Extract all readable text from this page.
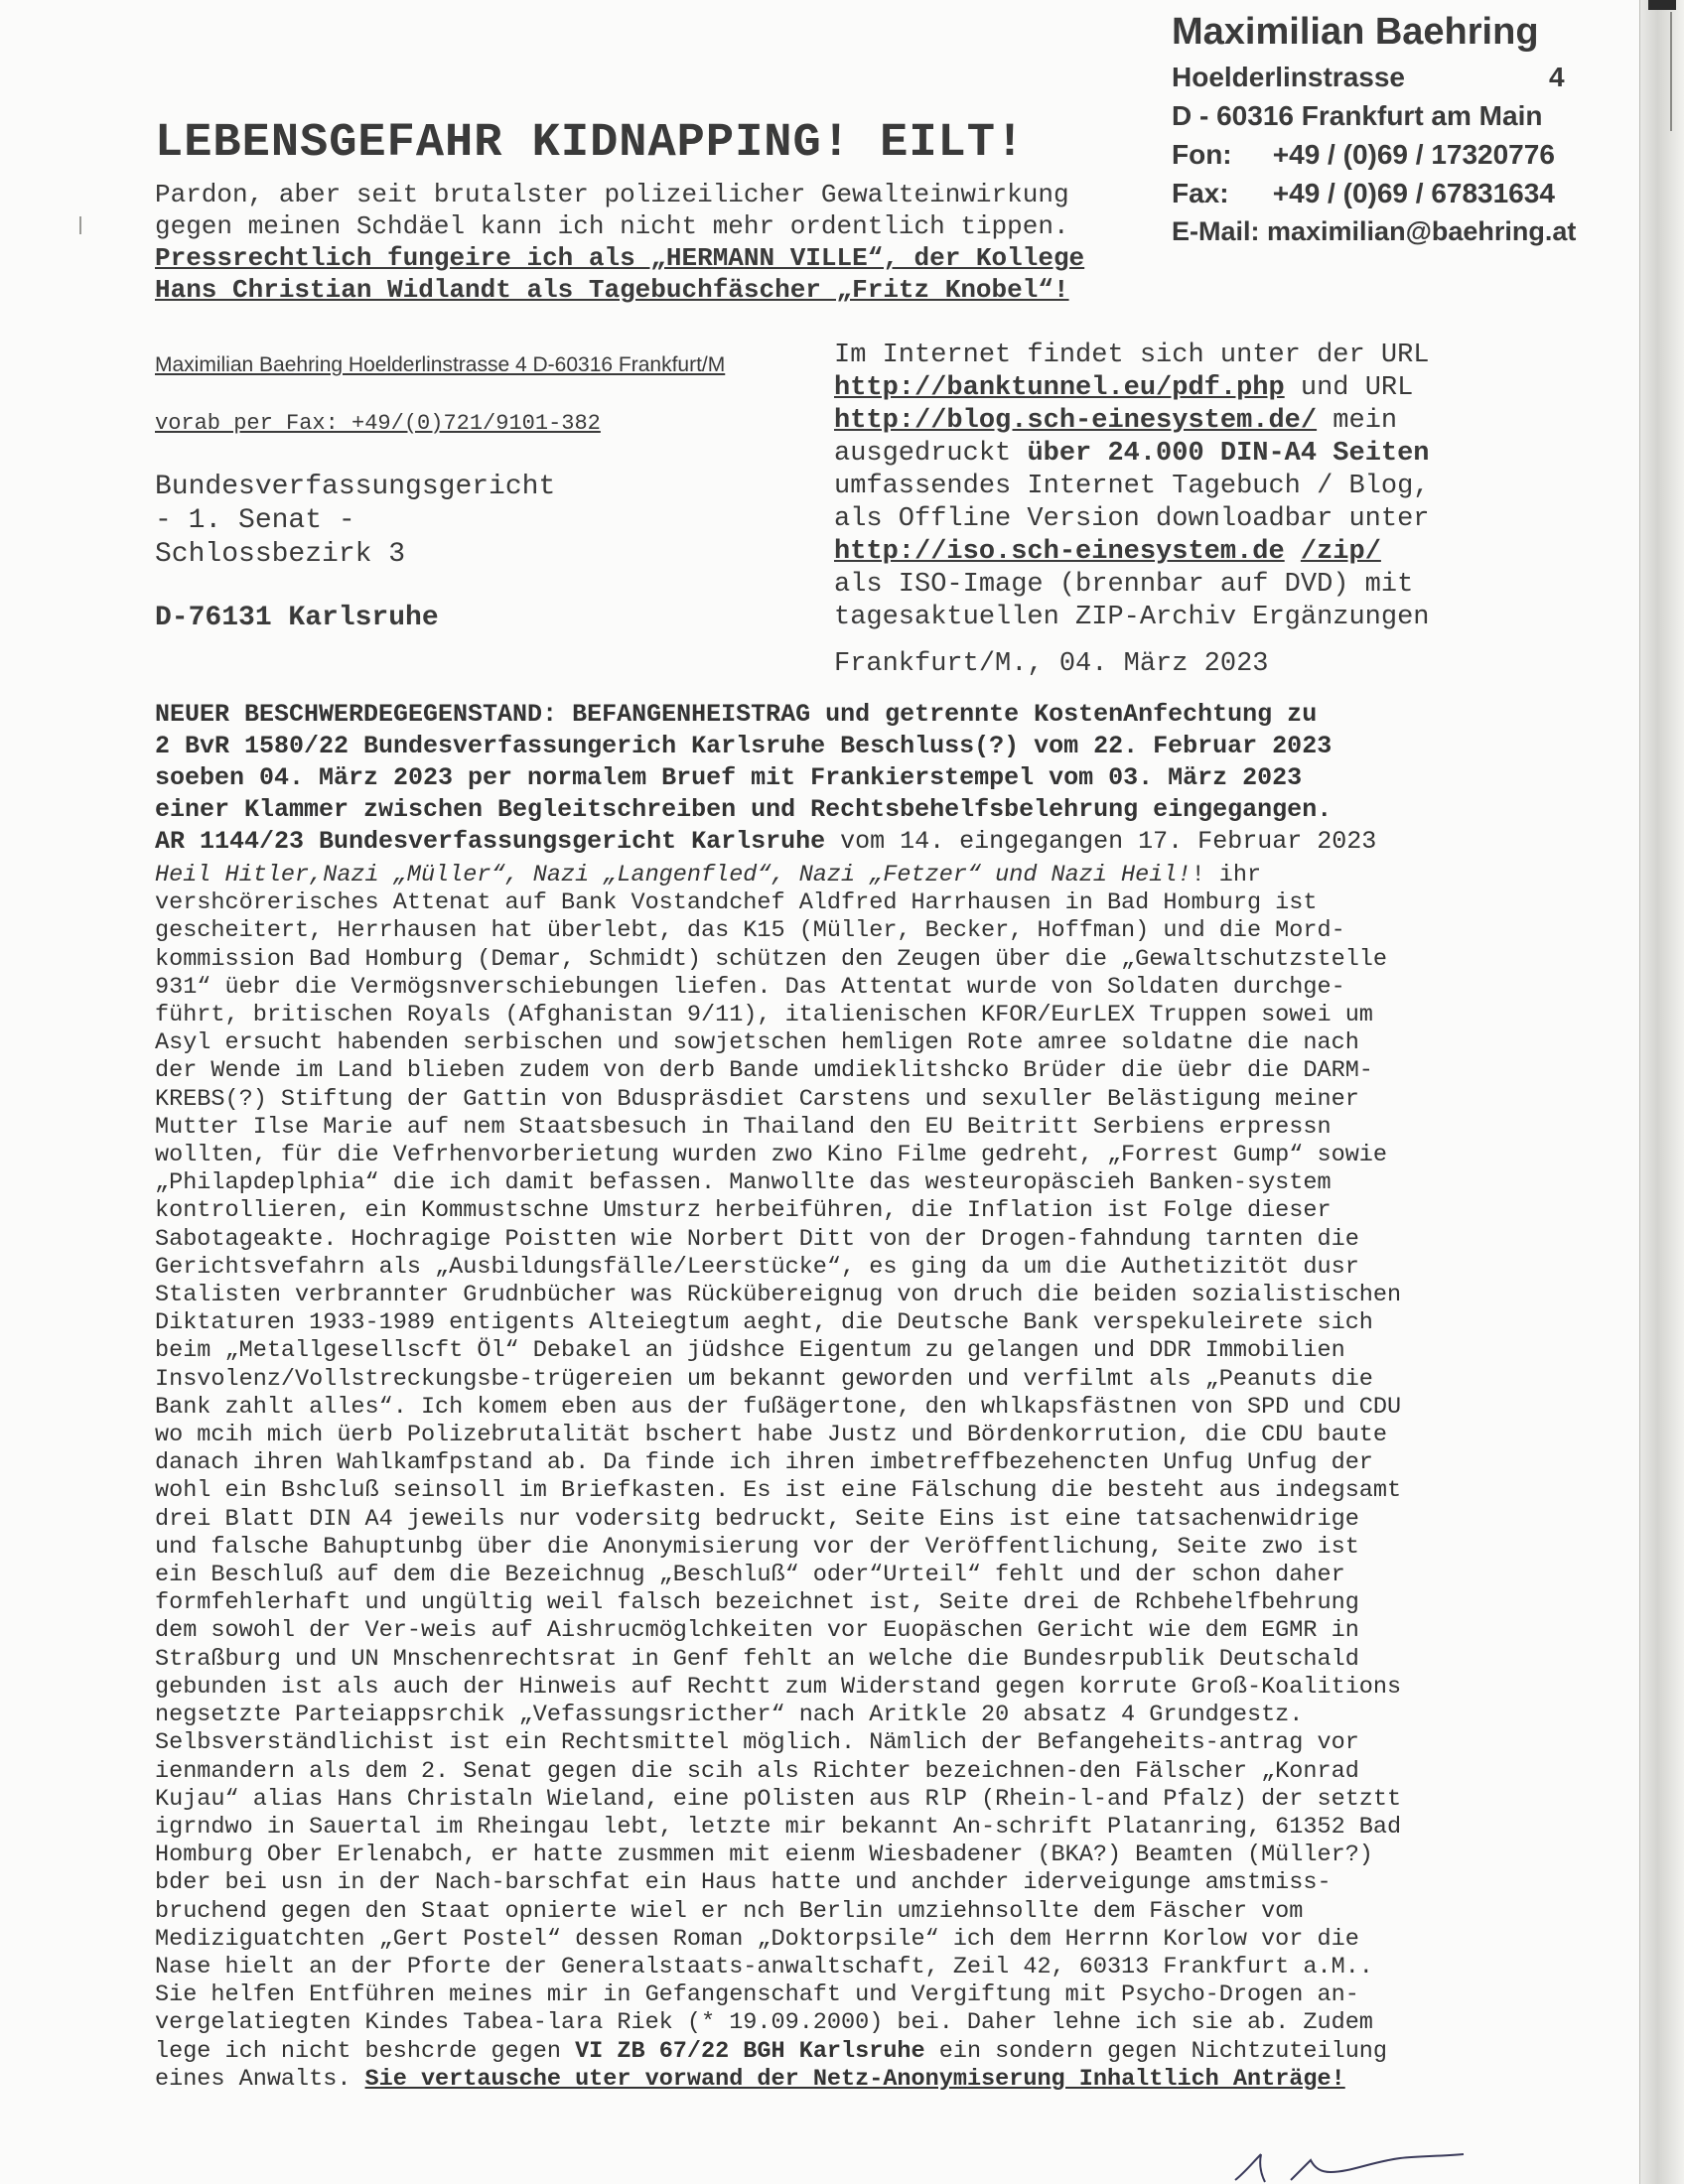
Maximilian Baehring
Hoelderlinstrasse	4
D - 60316 Frankfurt am Main
Fon: +49 / (0)69 / 17320776
Fax: +49 / (0)69 / 67831634
E-Mail: maximilian@baehring.at
LEBENSGEFAHR KIDNAPPING! EILT!
Pardon, aber seit brutalster polizeilicher Gewalteinwirkung
gegen meinen Schdäel kann ich nicht mehr ordentlich tippen.
Pressrechtlich fungeire ich als „HERMANN VILLE“, der Kollege
Hans Christian Widlandt als Tagebuchfäscher „Fritz Knobel“!
Maximilian Baehring Hoelderlinstrasse 4 D-60316 Frankfurt/M
vorab per Fax: +49/(0)721/9101-382
Bundesverfassungsgericht
- 1. Senat -
Schlossbezirk 3
D-76131 Karlsruhe
Im Internet findet sich unter der URL
http://banktunnel.eu/pdf.php und URL
http://blog.sch-einesystem.de/ mein
ausgedruckt über 24.000 DIN-A4 Seiten
umfassendes Internet Tagebuch / Blog,
als Offline Version downloadbar unter
http://iso.sch-einesystem.de /zip/
als ISO-Image (brennbar auf DVD) mit
tagesaktuellen ZIP-Archiv Ergänzungen
Frankfurt/M., 04. März 2023
NEUER BESCHWERDEGEGENSTAND: BEFANGENHEISTRAG und getrennte KostenAnfechtung zu
2 BvR 1580/22 Bundesverfassungerich Karlsruhe Beschluss(?) vom 22. Februar 2023
soeben 04. März 2023 per normalem Bruef mit Frankierstempel vom 03. März 2023
einer Klammer zwischen Begleitschreiben und Rechtsbehelfsbelehrung eingegangen.
AR 1144/23 Bundesverfassungsgericht Karlsruhe vom 14. eingegangen 17. Februar 2023
Heil Hitler,Nazi „Müller“, Nazi „Langenfled“, Nazi „Fetzer“ und Nazi Heil!! ihr
vershcörerisches Attenat auf Bank Vostandchef Aldfred Harrhausen in Bad Homburg ist
gescheitert, Herrhausen hat überlebt, das K15 (Müller, Becker, Hoffman) und die Mord-
kommission Bad Homburg (Demar, Schmidt) schützen den Zeugen über die „Gewaltschutzstelle
931“ üebr die Vermögsnverschiebungen liefen. Das Attentat wurde von Soldaten durchge-
führt, britischen Royals (Afghanistan 9/11), italienischen KFOR/EurLEX Truppen sowei um
Asyl ersucht habenden serbischen und sowjetschen hemligen Rote amree soldatne die nach
der Wende im Land blieben zudem von derb Bande umdieklitshcko Brüder die üebr die DARM-
KREBS(?) Stiftung der Gattin von Bduspräsdiet Carstens und sexuller Belästigung meiner
Mutter Ilse Marie auf nem Staatsbesuch in Thailand den EU Beitritt Serbiens erpressn
wollten, für die Vefrhenvorberietung wurden zwo Kino Filme gedreht, „Forrest Gump“ sowie
„Philapdeplphia“ die ich damit befassen. Manwollte das westeuropäscieh Banken-system
kontrollieren, ein Kommustschne Umsturz herbeiführen, die Inflation ist Folge dieser
Sabotageakte. Hochragige Poistten wie Norbert Ditt von der Drogen-fahndung tarnten die
Gerichtsvefahrn als „Ausbildungsfälle/Leerstücke“, es ging da um die Authetizitöt dusr
Stalisten verbrannter Grudnbücher was Rückübereignug von druch die beiden sozialistischen
Diktaturen 1933-1989 entigents Alteiegtum aeght, die Deutsche Bank verspekuleirete sich
beim „Metallgesellscft Öl“ Debakel an jüdshce Eigentum zu gelangen und DDR Immobilien
Insvolenz/Vollstreckungsbe-trügereien um bekannt geworden und verfilmt als „Peanuts die
Bank zahlt alles“. Ich komem eben aus der fußägertone, den whlkapsfästnen von SPD und CDU
wo mcih mich üerb Polizebrutalität bschert habe Justz und Bördenkorrution, die CDU baute
danach ihren Wahlkamfpstand ab. Da finde ich ihren imbetreffbezehencten Unfug Unfug der
wohl ein Bshcluß seinsoll im Briefkasten. Es ist eine Fälschung die besteht aus indegsamt
drei Blatt DIN A4 jeweils nur vodersitg bedruckt, Seite Eins ist eine tatsachenwidrige
und falsche Bahuptunbg über die Anonymisierung vor der Veröffentlichung, Seite zwo ist
ein Beschluß auf dem die Bezeichnug „Beschluß“ oder“Urteil“ fehlt und der schon daher
formfehlerhaft und ungültig weil falsch bezeichnet ist, Seite drei de Rchbehelfbehrung
dem sowohl der Ver-weis auf Aishrucmöglchkeiten vor Euopäschen Gericht wie dem EGMR in
Straßburg und UN Mnschenrechtsrat in Genf fehlt an welche die Bundesrpublik Deutschald
gebunden ist als auch der Hinweis auf Rechtt zum Widerstand gegen korrute Groß-Koalitions
negsetzte Parteiappsrchik „Vefassungsricther“ nach Aritkle 20 absatz 4 Grundgestz.
Selbsverständlichist ist ein Rechtsmittel möglich. Nämlich der Befangeheits-antrag vor
ienmandern als dem 2. Senat gegen die scih als Richter bezeichnen-den Fälscher „Konrad
Kujau“ alias Hans Christaln Wieland, eine pOlisten aus RlP (Rhein-l-and Pfalz) der setztt
igrndwo in Sauertal im Rheingau lebt, letzte mir bekannt An-schrift Platanring, 61352 Bad
Homburg Ober Erlenabch, er hatte zusmmen mit eienm Wiesbadener (BKA?) Beamten (Müller?)
bder bei usn in der Nach-barschfat ein Haus hatte und anchder iderveigunge amstmiss-
bruchend gegen den Staat opnierte wiel er nch Berlin umziehnsollte dem Fäscher vom
Mediziguatchten „Gert Postel“ dessen Roman „Doktorpsile“ ich dem Herrnn Korlow vor die
Nase hielt an der Pforte der Generalstaats-anwaltschaft, Zeil 42, 60313 Frankfurt a.M..
Sie helfen Entführen meines mir in Gefangenschaft und Vergiftung mit Psycho-Drogen an-
vergelatiegten Kindes Tabea-lara Riek (* 19.09.2000) bei. Daher lehne ich sie ab. Zudem
lege ich nicht beshcrde gegen VI ZB 67/22 BGH Karlsruhe ein sondern gegen Nichtzuteilung
eines Anwalts. Sie vertausche uter vorwand der Netz-Anonymiserung Inhaltlich Anträge!
